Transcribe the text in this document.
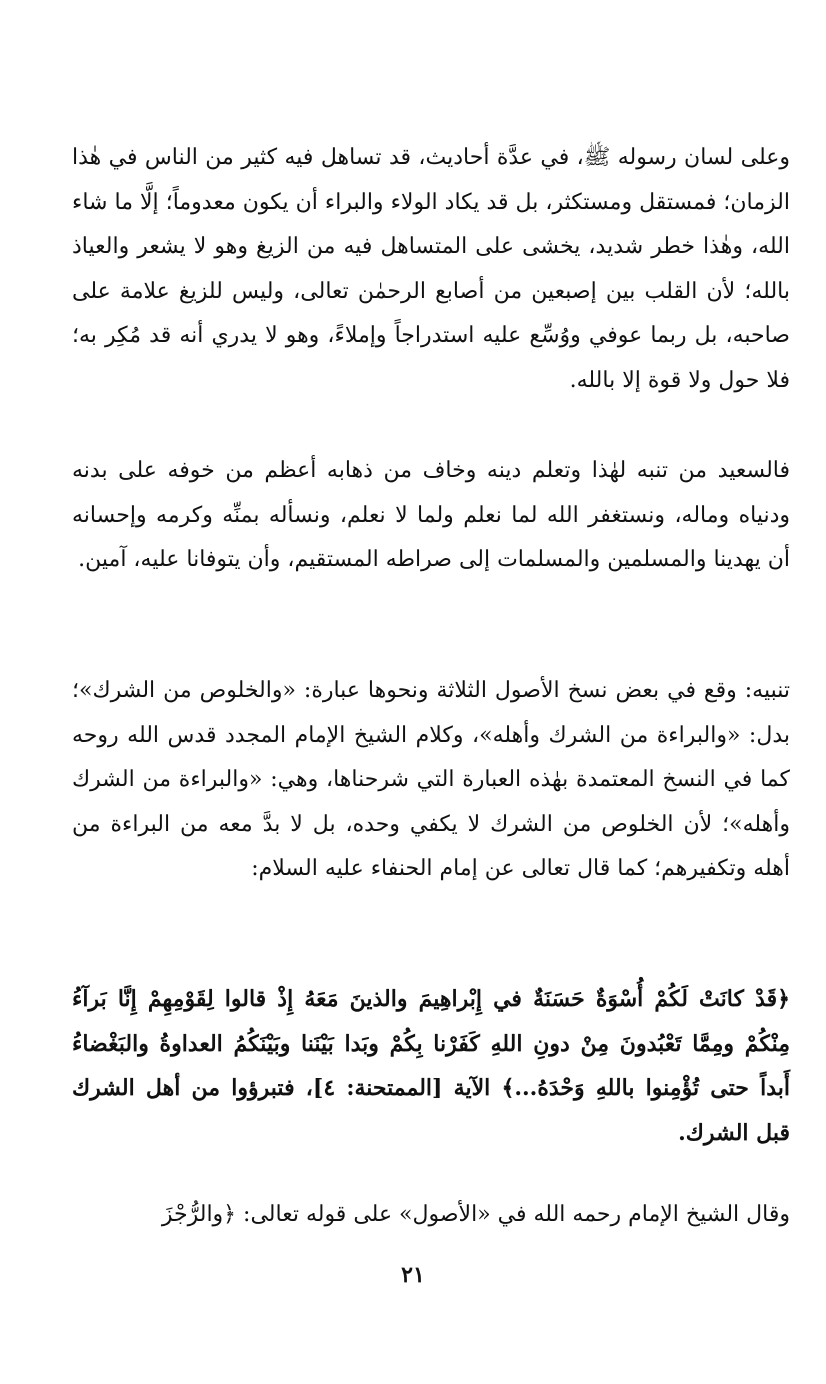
وعلى لسان رسوله ﷺ، في عدَّة أحاديث، قد تساهل فيه كثير من الناس في هٰذا الزمان؛ فمستقل ومستكثر، بل قد يكاد الولاء والبراء أن يكون معدوماً؛ إلَّا ما شاء الله، وهٰذا خطر شديد، يخشى على المتساهل فيه من الزيغ وهو لا يشعر والعياذ بالله؛ لأن القلب بين إصبعين من أصابع الرحمٰن تعالى، وليس للزيغ علامة على صاحبه، بل ربما عوفي ووُسِّع عليه استدراجاً وإملاءً، وهو لا يدري أنه قد مُكِر به؛ فلا حول ولا قوة إلا بالله.

فالسعيد من تنبه لهٰذا وتعلم دينه وخاف من ذهابه أعظم من خوفه على بدنه ودنياه وماله، ونستغفر الله لما نعلم ولما لا نعلم، ونسأله بمنِّه وكرمه وإحسانه أن يهدينا والمسلمين والمسلمات إلى صراطه المستقيم، وأن يتوفانا عليه، آمين.

تنبيه: وقع في بعض نسخ الأصول الثلاثة ونحوها عبارة: «والخلوص من الشرك»؛ بدل: «والبراءة من الشرك وأهله»، وكلام الشيخ الإمام المجدد قدس الله روحه كما في النسخ المعتمدة بهٰذه العبارة التي شرحناها، وهي: «والبراءة من الشرك وأهله»؛ لأن الخلوص من الشرك لا يكفي وحده، بل لا بدَّ معه من البراءة من أهله وتكفيرهم؛ كما قال تعالى عن إمام الحنفاء عليه السلام:

﴿قَدْ كانَتْ لَكُمْ أُسْوَةٌ حَسَنَةٌ في إِبْراهِيمَ والذينَ مَعَهُ إِذْ قالوا لِقَوْمِهِمْ إِنَّا بَرآءُ مِنْكُمْ ومِمَّا تَعْبُدونَ مِنْ دونِ اللهِ كَفَرْنا بِكُمْ وبَدا بَيْنَنا وبَيْنَكُمُ العداوةُ والبَغْضاءُ أَبداً حتى تُؤْمِنوا باللهِ وَحْدَهُ...﴾ الآية [الممتحنة: ٤]، فتبرؤوا من أهل الشرك قبل الشرك.

وقال الشيخ الإمام رحمه الله في «الأصول» على قوله تعالى: ﴿والرُّجْزَ

٢١
